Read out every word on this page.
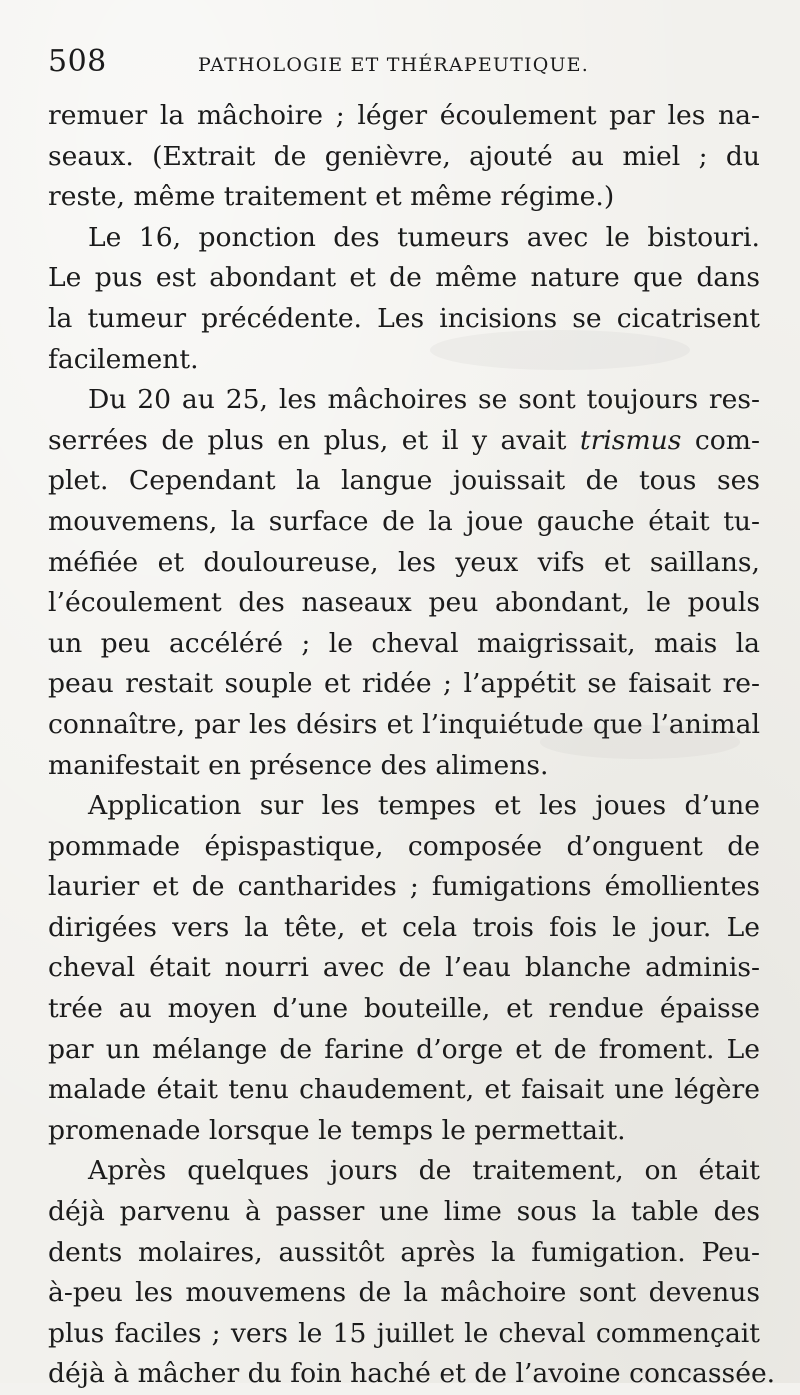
508	PATHOLOGIE ET THÉRAPEUTIQUE.
remuer la mâchoire ; léger écoulement par les na-
seaux. (Extrait de genièvre, ajouté au miel ; du
reste, même traitement et même régime.)
Le 16, ponction des tumeurs avec le bistouri.
Le pus est abondant et de même nature que dans
la tumeur précédente. Les incisions se cicatrisent
facilement.
Du 20 au 25, les mâchoires se sont toujours res-
serrées de plus en plus, et il y avait trismus com-
plet. Cependant la langue jouissait de tous ses
mouvemens, la surface de la joue gauche était tu-
méfiée et douloureuse, les yeux vifs et saillans,
l’écoulement des naseaux peu abondant, le pouls
un peu accéléré ; le cheval maigrissait, mais la
peau restait souple et ridée ; l’appétit se faisait re-
connaître, par les désirs et l’inquiétude que l’animal
manifestait en présence des alimens.
Application sur les tempes et les joues d’une
pommade épispastique, composée d’onguent de
laurier et de cantharides ; fumigations émollientes
dirigées vers la tête, et cela trois fois le jour. Le
cheval était nourri avec de l’eau blanche adminis-
trée au moyen d’une bouteille, et rendue épaisse
par un mélange de farine d’orge et de froment. Le
malade était tenu chaudement, et faisait une légère
promenade lorsque le temps le permettait.
Après quelques jours de traitement, on était
déjà parvenu à passer une lime sous la table des
dents molaires, aussitôt après la fumigation. Peu-
à-peu les mouvemens de la mâchoire sont devenus
plus faciles ; vers le 15 juillet le cheval commençait
déjà à mâcher du foin haché et de l’avoine concassée.
